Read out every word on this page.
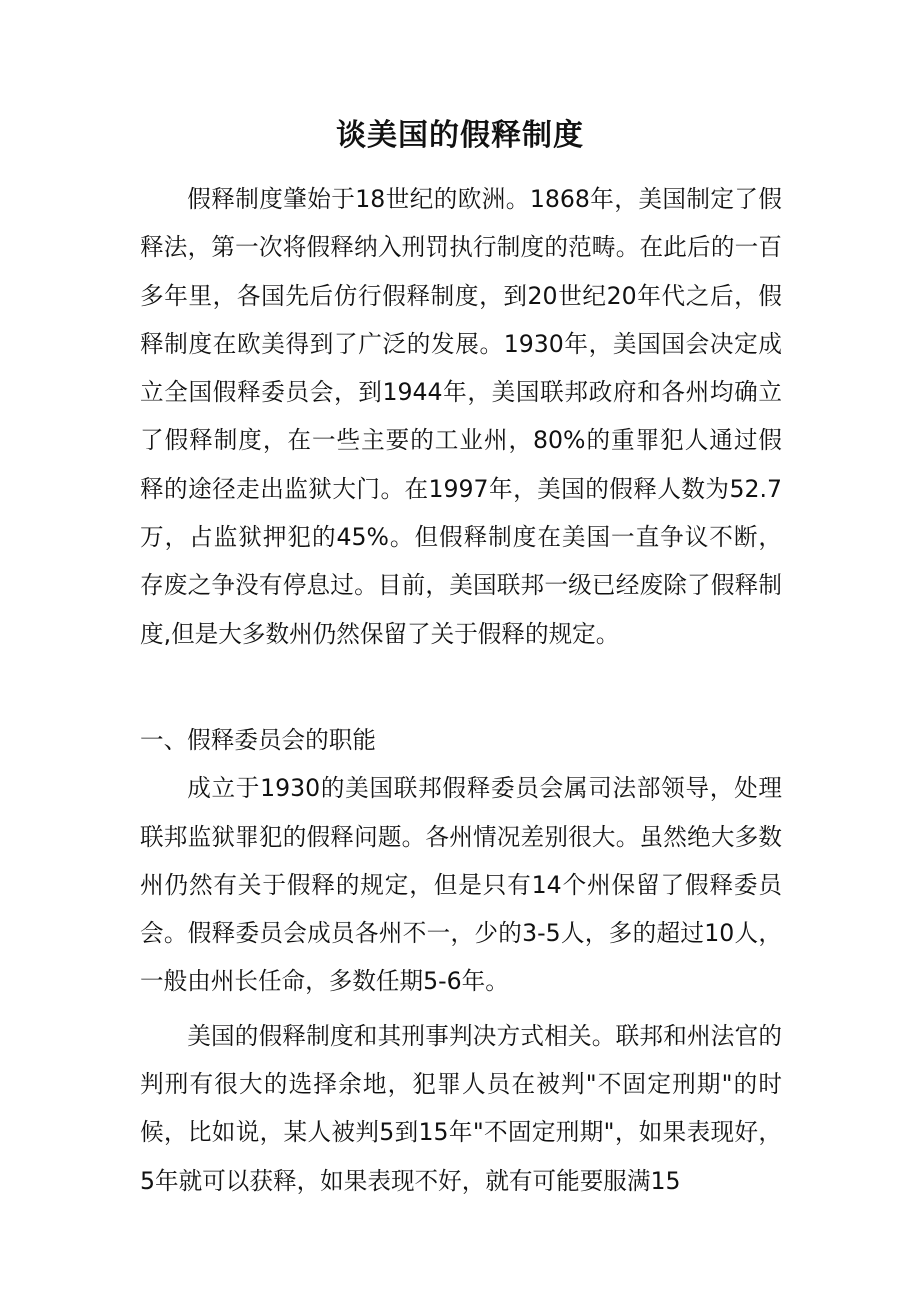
谈美国的假释制度

假释制度肇始于18世纪的欧洲。1868年，美国制定了假释法，第一次将假释纳入刑罚执行制度的范畴。在此后的一百多年里，各国先后仿行假释制度，到20世纪20年代之后，假释制度在欧美得到了广泛的发展。1930年，美国国会决定成立全国假释委员会，到1944年，美国联邦政府和各州均确立了假释制度，在一些主要的工业州，80%的重罪犯人通过假释的途径走出监狱大门。在1997年，美国的假释人数为52.7万，占监狱押犯的45%。但假释制度在美国一直争议不断，存废之争没有停息过。目前，美国联邦一级已经废除了假释制度,但是大多数州仍然保留了关于假释的规定。

一、假释委员会的职能

成立于1930的美国联邦假释委员会属司法部领导，处理联邦监狱罪犯的假释问题。各州情况差别很大。虽然绝大多数州仍然有关于假释的规定，但是只有14个州保留了假释委员会。假释委员会成员各州不一，少的3-5人，多的超过10人，一般由州长任命，多数任期5-6年。

美国的假释制度和其刑事判决方式相关。联邦和州法官的判刑有很大的选择余地，犯罪人员在被判"不固定刑期"的时候，比如说，某人被判5到15年"不固定刑期"，如果表现好，5年就可以获释，如果表现不好，就有可能要服满15
